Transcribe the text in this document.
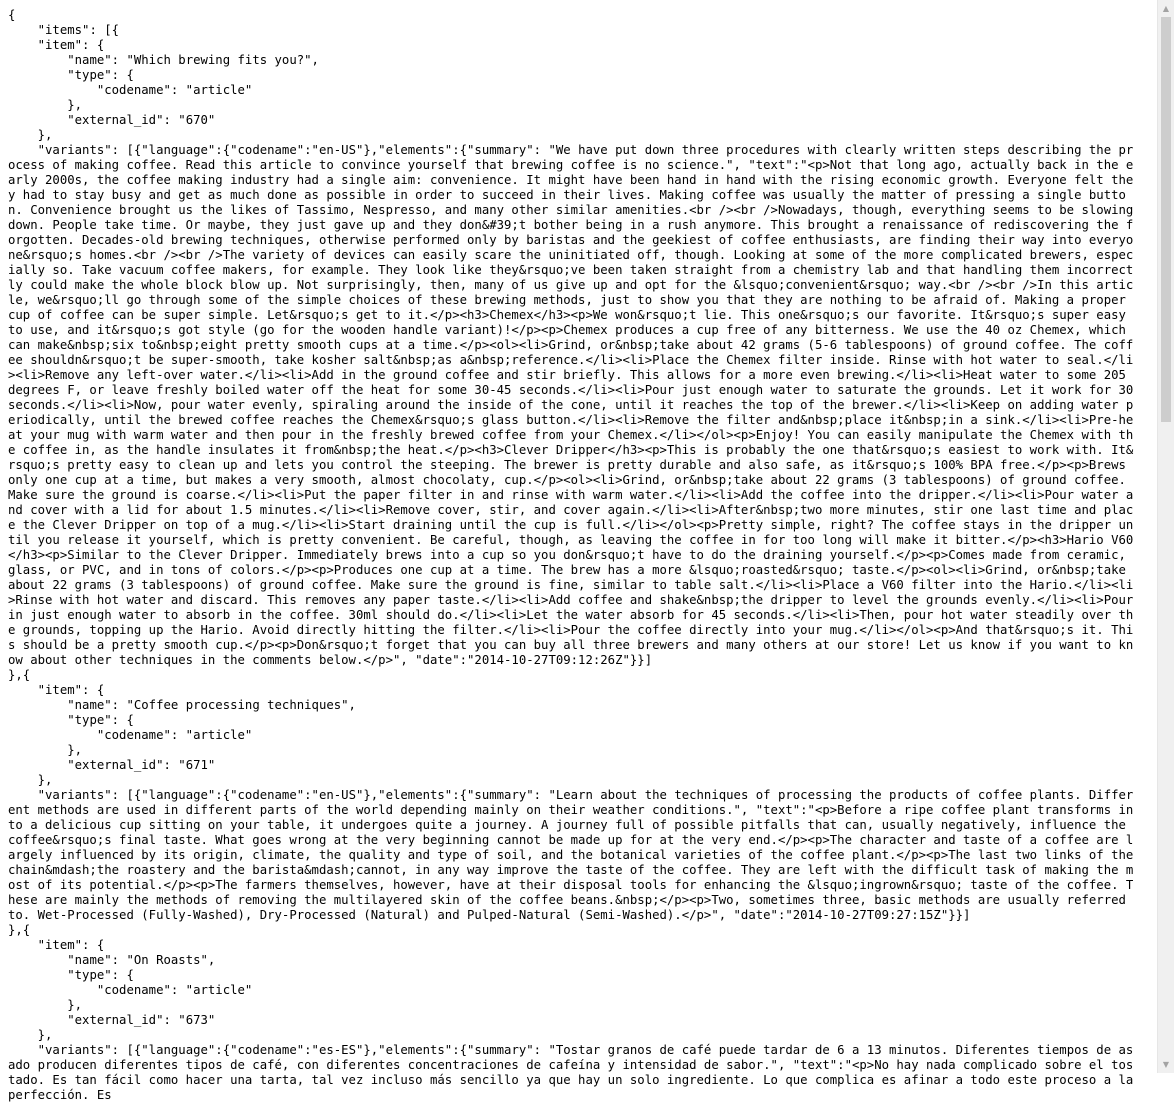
{
"items": [{
"item": {
"name": "Which brewing fits you?",
"type": {
"codename": "article"
},
"external_id": "670"
},
"variants": [{"language":{"codename":"en-US"},"elements":{"summary": "We have put down three procedures with clearly written steps describing the process of making coffee. Read this article to convince yourself that brewing coffee is no science.", "text":"<p>Not that long ago, actually back in the early 2000s, the coffee making industry had a single aim: convenience. It might have been hand in hand with the rising economic growth. Everyone felt they had to stay busy and get as much done as possible in order to succeed in their lives. Making coffee was usually the matter of pressing a single button. Convenience brought us the likes of Tassimo, Nespresso, and many other similar amenities.<br /><br />Nowadays, though, everything seems to be slowing down. People take time. Or maybe, they just gave up and they don&#39;t bother being in a rush anymore. This brought a renaissance of rediscovering the forgotten. Decades-old brewing techniques, otherwise performed only by baristas and the geekiest of coffee enthusiasts, are finding their way into everyone&rsquo;s homes.<br /><br />The variety of devices can easily scare the uninitiated off, though. Looking at some of the more complicated brewers, especially so. Take vacuum coffee makers, for example. They look like they&rsquo;ve been taken straight from a chemistry lab and that handling them incorrectly could make the whole block blow up. Not surprisingly, then, many of us give up and opt for the &lsquo;convenient&rsquo; way.<br /><br />In this article, we&rsquo;ll go through some of the simple choices of these brewing methods, just to show you that they are nothing to be afraid of. Making a proper cup of coffee can be super simple. Let&rsquo;s get to it.</p><h3>Chemex</h3><p>We won&rsquo;t lie. This one&rsquo;s our favorite. It&rsquo;s super easy to use, and it&rsquo;s got style (go for the wooden handle variant)!</p><p>Chemex produces a cup free of any bitterness. We use the 40 oz Chemex, which can make&nbsp;six to&nbsp;eight pretty smooth cups at a time.</p><ol><li>Grind, or&nbsp;take about 42 grams (5-6 tablespoons) of ground coffee. The coffee shouldn&rsquo;t be super-smooth, take kosher salt&nbsp;as a&nbsp;reference.</li><li>Place the Chemex filter inside. Rinse with hot water to seal.</li><li>Remove any left-over water.</li><li>Add in the ground coffee and stir briefly. This allows for a more even brewing.</li><li>Heat water to some 205 degrees F, or leave freshly boiled water off the heat for some 30-45 seconds.</li><li>Pour just enough water to saturate the grounds. Let it work for 30 seconds.</li><li>Now, pour water evenly, spiraling around the inside of the cone, until it reaches the top of the brewer.</li><li>Keep on adding water periodically, until the brewed coffee reaches the Chemex&rsquo;s glass button.</li><li>Remove the filter and&nbsp;place it&nbsp;in a sink.</li><li>Pre-heat your mug with warm water and then pour in the freshly brewed coffee from your Chemex.</li></ol><p>Enjoy! You can easily manipulate the Chemex with the coffee in, as the handle insulates it from&nbsp;the heat.</p><h3>Clever Dripper</h3><p>This is probably the one that&rsquo;s easiest to work with. It&rsquo;s pretty easy to clean up and lets you control the steeping. The brewer is pretty durable and also safe, as it&rsquo;s 100% BPA free.</p><p>Brews only one cup at a time, but makes a very smooth, almost chocolaty, cup.</p><ol><li>Grind, or&nbsp;take about 22 grams (3 tablespoons) of ground coffee. Make sure the ground is coarse.</li><li>Put the paper filter in and rinse with warm water.</li><li>Add the coffee into the dripper.</li><li>Pour water and cover with a lid for about 1.5 minutes.</li><li>Remove cover, stir, and cover again.</li><li>After&nbsp;two more minutes, stir one last time and place the Clever Dripper on top of a mug.</li><li>Start draining until the cup is full.</li></ol><p>Pretty simple, right? The coffee stays in the dripper until you release it yourself, which is pretty convenient. Be careful, though, as leaving the coffee in for too long will make it bitter.</p><h3>Hario V60</h3><p>Similar to the Clever Dripper. Immediately brews into a cup so you don&rsquo;t have to do the draining yourself.</p><p>Comes made from ceramic, glass, or PVC, and in tons of colors.</p><p>Produces one cup at a time. The brew has a more &lsquo;roasted&rsquo; taste.</p><ol><li>Grind, or&nbsp;take about 22 grams (3 tablespoons) of ground coffee. Make sure the ground is fine, similar to table salt.</li><li>Place a V60 filter into the Hario.</li><li>Rinse with hot water and discard. This removes any paper taste.</li><li>Add coffee and shake&nbsp;the dripper to level the grounds evenly.</li><li>Pour in just enough water to absorb in the coffee. 30ml should do.</li><li>Let the water absorb for 45 seconds.</li><li>Then, pour hot water steadily over the grounds, topping up the Hario. Avoid directly hitting the filter.</li><li>Pour the coffee directly into your mug.</li></ol><p>And that&rsquo;s it. This should be a pretty smooth cup.</p><p>Don&rsquo;t forget that you can buy all three brewers and many others at our store! Let us know if you want to know about other techniques in the comments below.</p>", "date":"2014-10-27T09:12:26Z"}}]
},{
"item": {
"name": "Coffee processing techniques",
"type": {
"codename": "article"
},
"external_id": "671"
},
"variants": [{"language":{"codename":"en-US"},"elements":{"summary": "Learn about the techniques of processing the products of coffee plants. Different methods are used in different parts of the world depending mainly on their weather conditions.", "text":"<p>Before a ripe coffee plant transforms into a delicious cup sitting on your table, it undergoes quite a journey. A journey full of possible pitfalls that can, usually negatively, influence the coffee&rsquo;s final taste. What goes wrong at the very beginning cannot be made up for at the very end.</p><p>The character and taste of a coffee are largely influenced by its origin, climate, the quality and type of soil, and the botanical varieties of the coffee plant.</p><p>The last two links of the chain&mdash;the roastery and the barista&mdash;cannot, in any way improve the taste of the coffee. They are left with the difficult task of making the most of its potential.</p><p>The farmers themselves, however, have at their disposal tools for enhancing the &lsquo;ingrown&rsquo; taste of the coffee. These are mainly the methods of removing the multilayered skin of the coffee beans.&nbsp;</p><p>Two, sometimes three, basic methods are usually referred to. Wet-Processed (Fully-Washed), Dry-Processed (Natural) and Pulped-Natural (Semi-Washed).</p>", "date":"2014-10-27T09:27:15Z"}}]
},{
"item": {
"name": "On Roasts",
"type": {
"codename": "article"
},
"external_id": "673"
},
"variants": [{"language":{"codename":"es-ES"},"elements":{"summary": "Tostar granos de café puede tardar de 6 a 13 minutos. Diferentes tiempos de asado producen diferentes tipos de café, con diferentes concentraciones de cafeína y intensidad de sabor.", "text":"<p>No hay nada complicado sobre el tostado. Es tan fácil como hacer una tarta, tal vez incluso más sencillo ya que hay un solo ingrediente. Lo que complica es afinar a todo este proceso a la perfección. Es
▲
▼
